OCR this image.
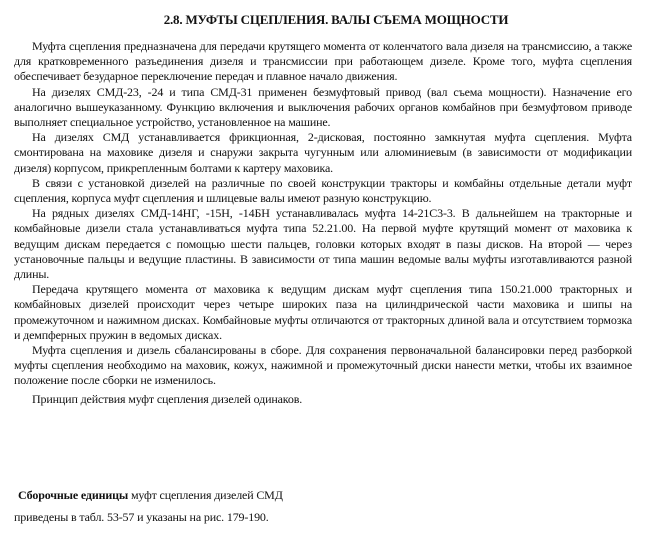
2.8. МУФТЫ СЦЕПЛЕНИЯ. ВАЛЫ СЪЕМА МОЩНОСТИ

Муфта сцепления предназначена для передачи крутящего момента от коленчатого вала дизеля на трансмиссию, а также для кратковременного разъединения дизеля и трансмиссии при работающем дизеле. Кроме того, муфта сцепления обеспечивает безударное переключение передач и плавное начало движения.

На дизелях СМД-23, -24 и типа СМД-31 применен безмуфтовый привод (вал съема мощности). Назначение его аналогично вышеуказанному. Функцию включения и выключения рабочих органов комбайнов при безмуфтовом приводе выполняет специальное устройство, установленное на машине.

На дизелях СМД устанавливается фрикционная, 2-дисковая, постоянно замкнутая муфта сцепления. Муфта смонтирована на маховике дизеля и снаружи закрыта чугунным или алюминиевым (в зависимости от модификации дизеля) корпусом, прикрепленным болтами к картеру маховика.

В связи с установкой дизелей на различные по своей конструкции тракторы и комбайны отдельные детали муфт сцепления, корпуса муфт сцепления и шлицевые валы имеют разную конструкцию.

На рядных дизелях СМД-14НГ, -15Н, -14БН устанавливалась муфта 14-21С3-3. В дальнейшем на тракторные и комбайновые дизели стала устанавливаться муфта типа 52.21.00. На первой муфте крутящий момент от маховика к ведущим дискам передается с помощью шести пальцев, головки которых входят в пазы дисков. На второй — через установочные пальцы и ведущие пластины. В зависимости от типа машин ведомые валы муфты изготавливаются разной длины.

Передача крутящего момента от маховика к ведущим дискам муфт сцепления типа 150.21.000 тракторных и комбайновых дизелей происходит через четыре широких паза на цилиндрической части маховика и шипы на промежуточном и нажимном дисках. Комбайновые муфты отличаются от тракторных длиной вала и отсутствием тормозка и демпферных пружин в ведомых дисках.

Муфта сцепления и дизель сбалансированы в сборе. Для сохранения первоначальной балансировки перед разборкой муфты сцепления необходимо на маховик, кожух, нажимной и промежуточный диски нанести метки, чтобы их взаимное положение после сборки не изменилось.

Принцип действия муфт сцепления дизелей одинаков.

Сборочные единицы муфт сцепления дизелей СМД
приведены в табл. 53-57 и указаны на рис. 179-190.
